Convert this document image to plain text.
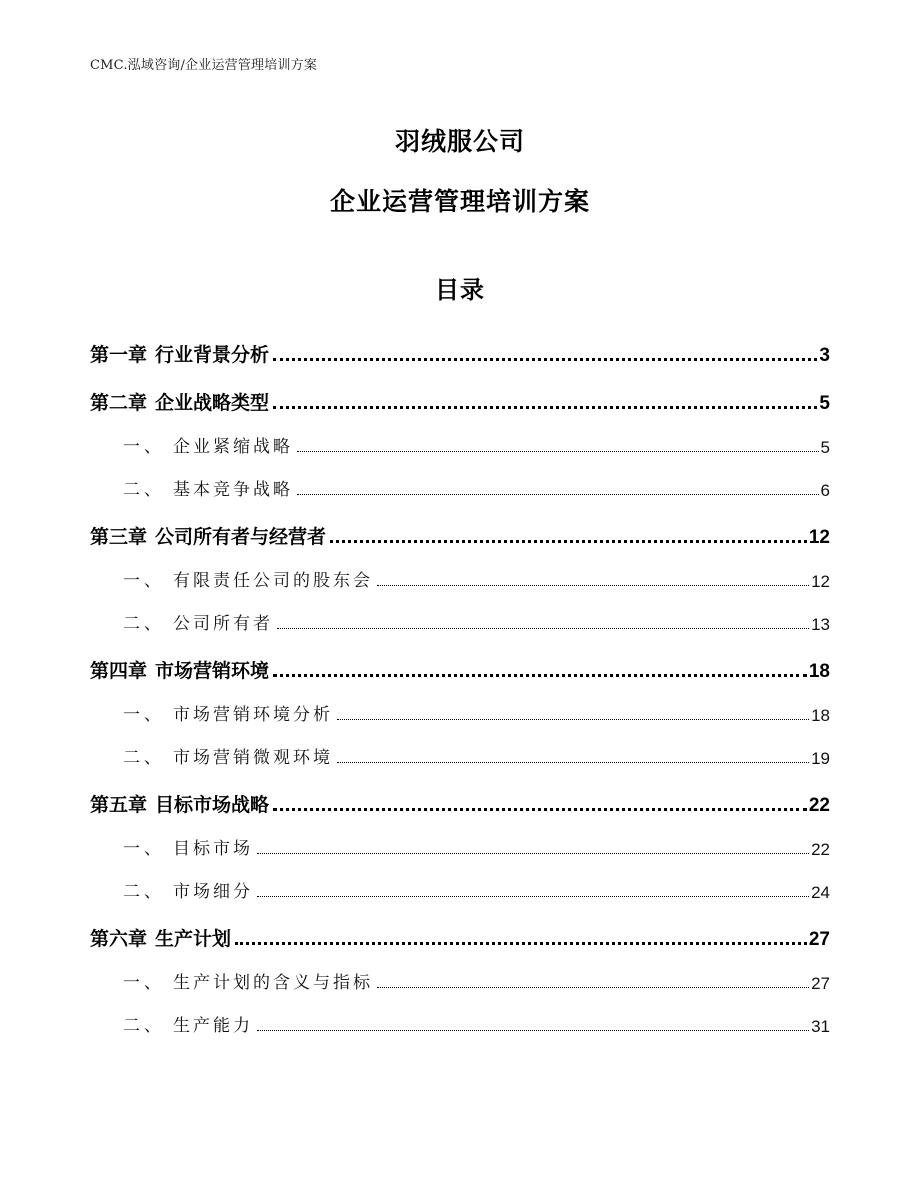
CMC.泓域咨询/企业运营管理培训方案
羽绒服公司
企业运营管理培训方案
目录
第一章 行业背景分析	3
第二章 企业战略类型	5
一、 企业紧缩战略	5
二、 基本竞争战略	6
第三章 公司所有者与经营者	12
一、 有限责任公司的股东会	12
二、 公司所有者	13
第四章 市场营销环境	18
一、 市场营销环境分析	18
二、 市场营销微观环境	19
第五章 目标市场战略	22
一、 目标市场	22
二、 市场细分	24
第六章 生产计划	27
一、 生产计划的含义与指标	27
二、 生产能力	31
